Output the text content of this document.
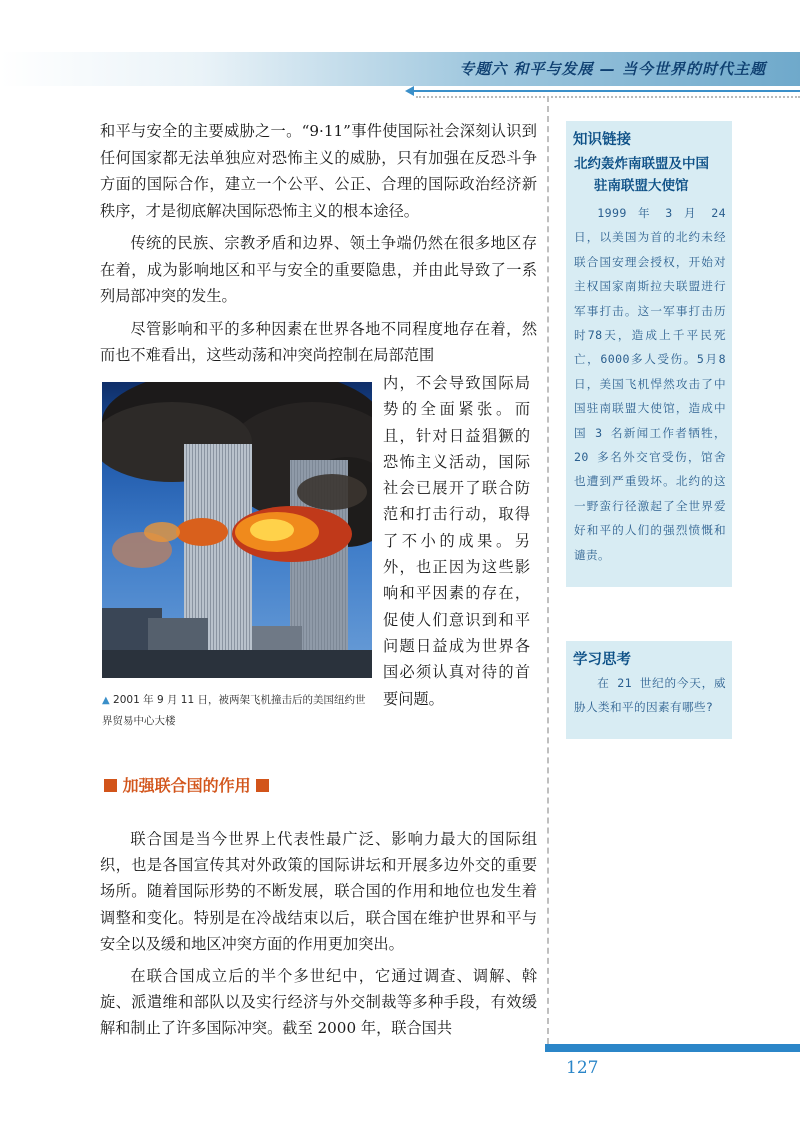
专题六 和平与发展 — 当今世界的时代主题

和平与安全的主要威胁之一。“9·11”事件使国际社会深刻认识到任何国家都无法单独应对恐怖主义的威胁，只有加强在反恐斗争方面的国际合作，建立一个公平、公正、合理的国际政治经济新秩序，才是彻底解决国际恐怖主义的根本途径。

传统的民族、宗教矛盾和边界、领土争端仍然在很多地区存在着，成为影响地区和平与安全的重要隐患，并由此导致了一系列局部冲突的发生。

尽管影响和平的多种因素在世界各地不同程度地存在着，然而也不难看出，这些动荡和冲突尚控制在局部范围

▲ 2001 年 9 月 11 日，被两架飞机撞击后的美国纽约世界贸易中心大楼
内，不会导致国际局势的全面紧张。而且，针对日益猖獗的恐怖主义活动，国际社会已展开了联合防范和打击行动，取得了不小的成果。另外，也正因为这些影响和平因素的存在，促使人们意识到和平问题日益成为世界各国必须认真对待的首要问题。
加强联合国的作用

联合国是当今世界上代表性最广泛、影响力最大的国际组织，也是各国宣传其对外政策的国际讲坛和开展多边外交的重要场所。随着国际形势的不断发展，联合国的作用和地位也发生着调整和变化。特别是在冷战结束以后，联合国在维护世界和平与安全以及缓和地区冲突方面的作用更加突出。

在联合国成立后的半个多世纪中，它通过调查、调解、斡旋、派遣维和部队以及实行经济与外交制裁等多种手段，有效缓解和制止了许多国际冲突。截至 2000 年，联合国共

知识链接
北约轰炸南联盟及中国
驻南联盟大使馆
1999 年 3 月 24 日，以美国为首的北约未经联合国安理会授权，开始对主权国家南斯拉夫联盟进行军事打击。这一军事打击历时78天，造成上千平民死亡，6000多人受伤。5月8日，美国飞机悍然攻击了中国驻南联盟大使馆，造成中国 3 名新闻工作者牺牲，20 多名外交官受伤，馆舍也遭到严重毁坏。北约的这一野蛮行径激起了全世界爱好和平的人们的强烈愤慨和谴责。
学习思考
在 21 世纪的今天，威胁人类和平的因素有哪些?
127
